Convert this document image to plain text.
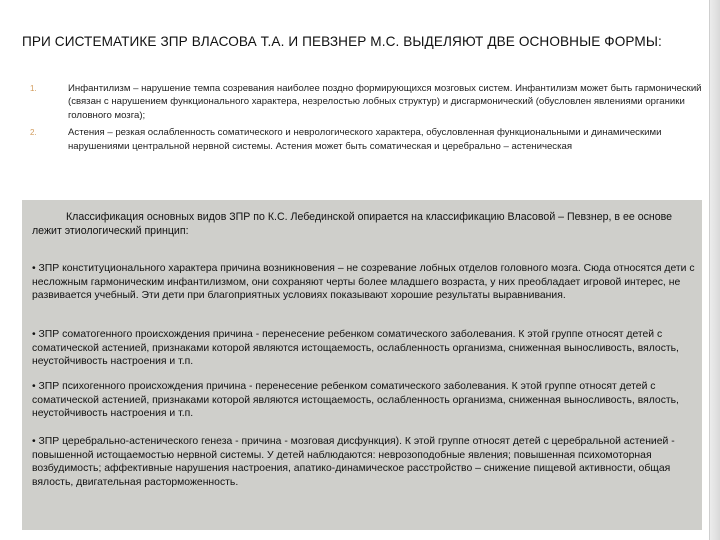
ПРИ СИСТЕМАТИКЕ ЗПР ВЛАСОВА Т.А. И ПЕВЗНЕР М.С. ВЫДЕЛЯЮТ ДВЕ ОСНОВНЫЕ ФОРМЫ:
1.	Инфантилизм – нарушение темпа созревания наиболее поздно формирующихся мозговых систем. Инфантилизм может быть гармонический (связан с нарушением функционального характера, незрелостью лобных структур) и дисгармонический (обусловлен явлениями органики головного мозга);
2.	Астения – резкая ослабленность соматического и неврологического характера, обусловленная функциональными и динамическими нарушениями центральной нервной системы. Астения может быть соматическая и церебрально – астеническая
Классификация основных видов ЗПР по К.С. Лебединской опирается на классификацию Власовой – Певзнер, в ее основе лежит этиологический принцип:
• ЗПР конституционального характера причина возникновения – не созревание лобных отделов головного мозга. Сюда относятся дети с несложным гармоническим инфантилизмом, они сохраняют черты более младшего возраста, у них преобладает игровой интерес, не развивается учебный. Эти дети при благоприятных условиях показывают хорошие результаты выравнивания.
• ЗПР соматогенного происхождения причина - перенесение ребенком соматического заболевания. К этой группе относят детей с соматической астенией, признаками которой являются истощаемость, ослабленность организма, сниженная выносливость, вялость, неустойчивость настроения и т.п.
• ЗПР психогенного происхождения причина - перенесение ребенком соматического заболевания. К этой группе относят детей с соматической астенией, признаками которой являются истощаемость, ослабленность организма, сниженная выносливость, вялость, неустойчивость настроения и т.п.
• ЗПР церебрально-астенического генеза - причина - мозговая дисфункция). К этой группе относят детей с церебральной астенией - повышенной истощаемостью нервной системы. У детей наблюдаются: неврозоподобные явления; повышенная психомоторная возбудимость; аффективные нарушения настроения, апатико-динамическое расстройство – снижение пищевой активности, общая вялость, двигательная расторможенность.
